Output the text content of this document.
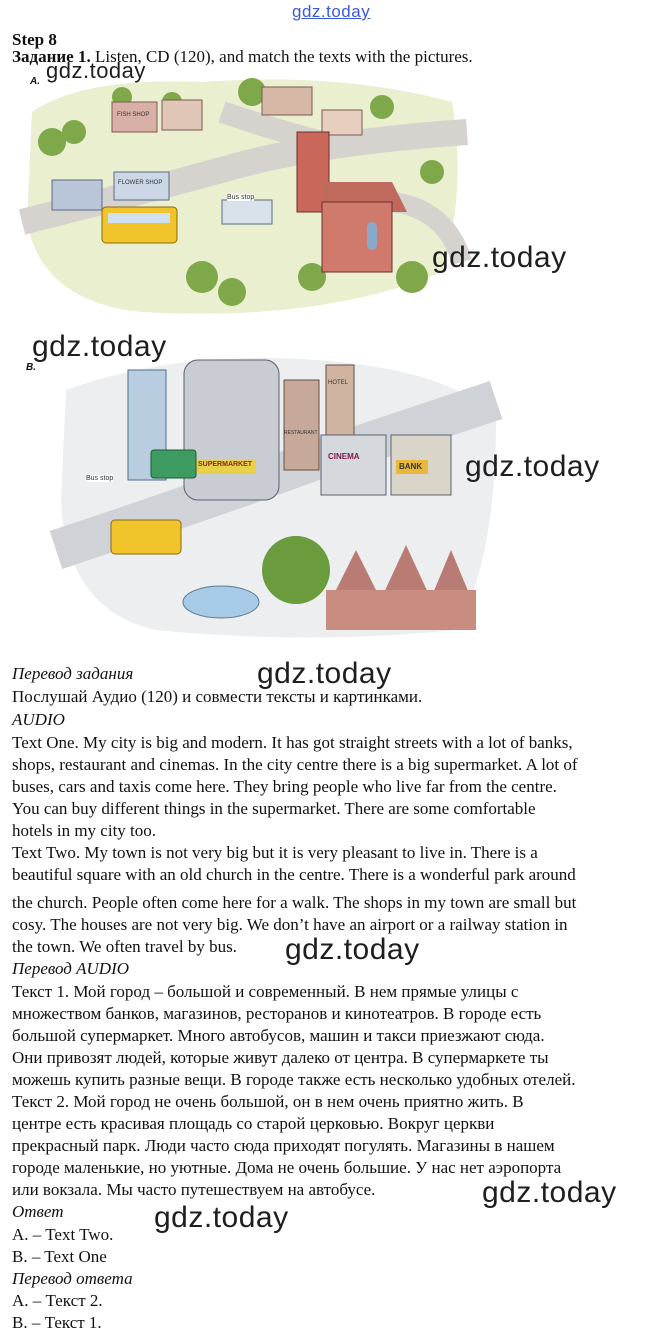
gdz.today
Step 8
Задание 1. Listen, CD (120), and match the texts with the pictures.
A.
FISH SHOP
FLOWER SHOP
Bus stop
B.
SUPERMARKET
CINEMA
BANK
HOTEL
RESTAURANT
Bus stop
gdz.today
gdz.today
gdz.today
gdz.today
gdz.today
gdz.today
gdz.today
gdz.today
Перевод задания
Послушай Аудио (120) и совмести тексты и картинками.
AUDIO
Text One. My city is big and modern. It has got straight streets with a lot of banks,
shops, restaurant and cinemas. In the city centre there is a big supermarket. A lot of
buses, cars and taxis come here. They bring people who live far from the centre.
You can buy different things in the supermarket. There are some comfortable
hotels in my city too.
Text Two. My town is not very big but it is very pleasant to live in. There is a
beautiful square with an old church in the centre. There is a wonderful park around
the church. People often come here for a walk. The shops in my town are small but
cosy. The houses are not very big. We don’t have an airport or a railway station in
the town. We often travel by bus.
Перевод AUDIO
Текст 1. Мой город – большой и современный. В нем прямые улицы с
множеством банков, магазинов, ресторанов и кинотеатров. В городе есть
большой супермаркет. Много автобусов, машин и такси приезжают сюда.
Они привозят людей, которые живут далеко от центра. В супермаркете ты
можешь купить разные вещи. В городе также есть несколько удобных отелей.
Текст 2. Мой город не очень большой, он в нем очень приятно жить. В
центре есть красивая площадь со старой церковью. Вокруг церкви
прекрасный парк. Люди часто сюда приходят погулять. Магазины в нашем
городе маленькие, но уютные. Дома не очень большие. У нас нет аэропорта
или вокзала. Мы часто путешествуем на автобусе.
Ответ
A. – Text Two.
B. – Text One
Перевод ответа
A. – Текст 2.
B. – Текст 1.
